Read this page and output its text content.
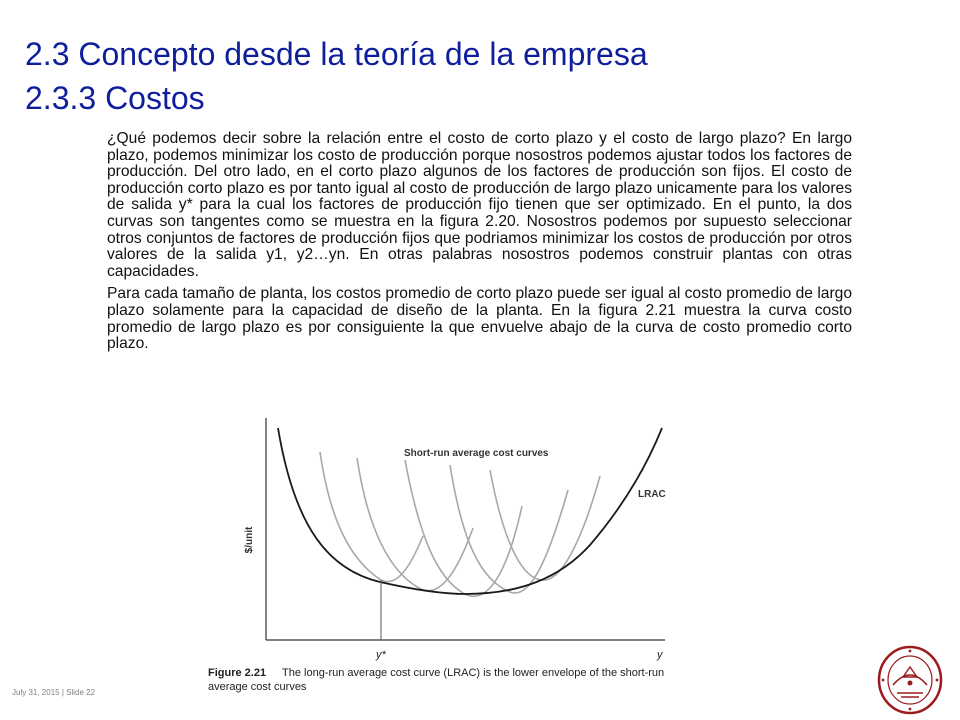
2.3 Concepto desde la teoría de la empresa
2.3.3 Costos

¿Qué podemos decir sobre la relación entre el costo de corto plazo y el costo de largo plazo? En largo plazo, podemos minimizar los costo de producción porque nosostros podemos ajustar todos los factores de producción. Del otro lado, en el corto plazo algunos de los factores de producción son fijos. El costo de producción corto plazo es por tanto igual al costo de producción de largo plazo unicamente para los valores de salida y* para la cual los factores de producción fijo tienen que ser optimizado. En el punto, la dos curvas son tangentes como se muestra en la figura 2.20. Nosostros podemos por supuesto seleccionar otros conjuntos de factores de producción fijos que podriamos minimizar los costos de producción por otros valores de la salida y1, y2…yn. En otras palabras nosostros podemos construir plantas con otras capacidades.

Para cada tamaño de planta, los costos promedio de corto plazo puede ser igual al costo promedio de largo plazo solamente para la capacidad de diseño de la planta. En la figura 2.21 muestra la curva costo promedio de largo plazo es por consiguiente la que envuelve abajo de la curva de costo promedio corto plazo.

Short-run average cost curves
LRAC
$/unit
y*	y
Figure 2.21 The long-run average cost curve (LRAC) is the lower envelope of the short-run
average cost curves
July 31, 2015 | Slide 22
